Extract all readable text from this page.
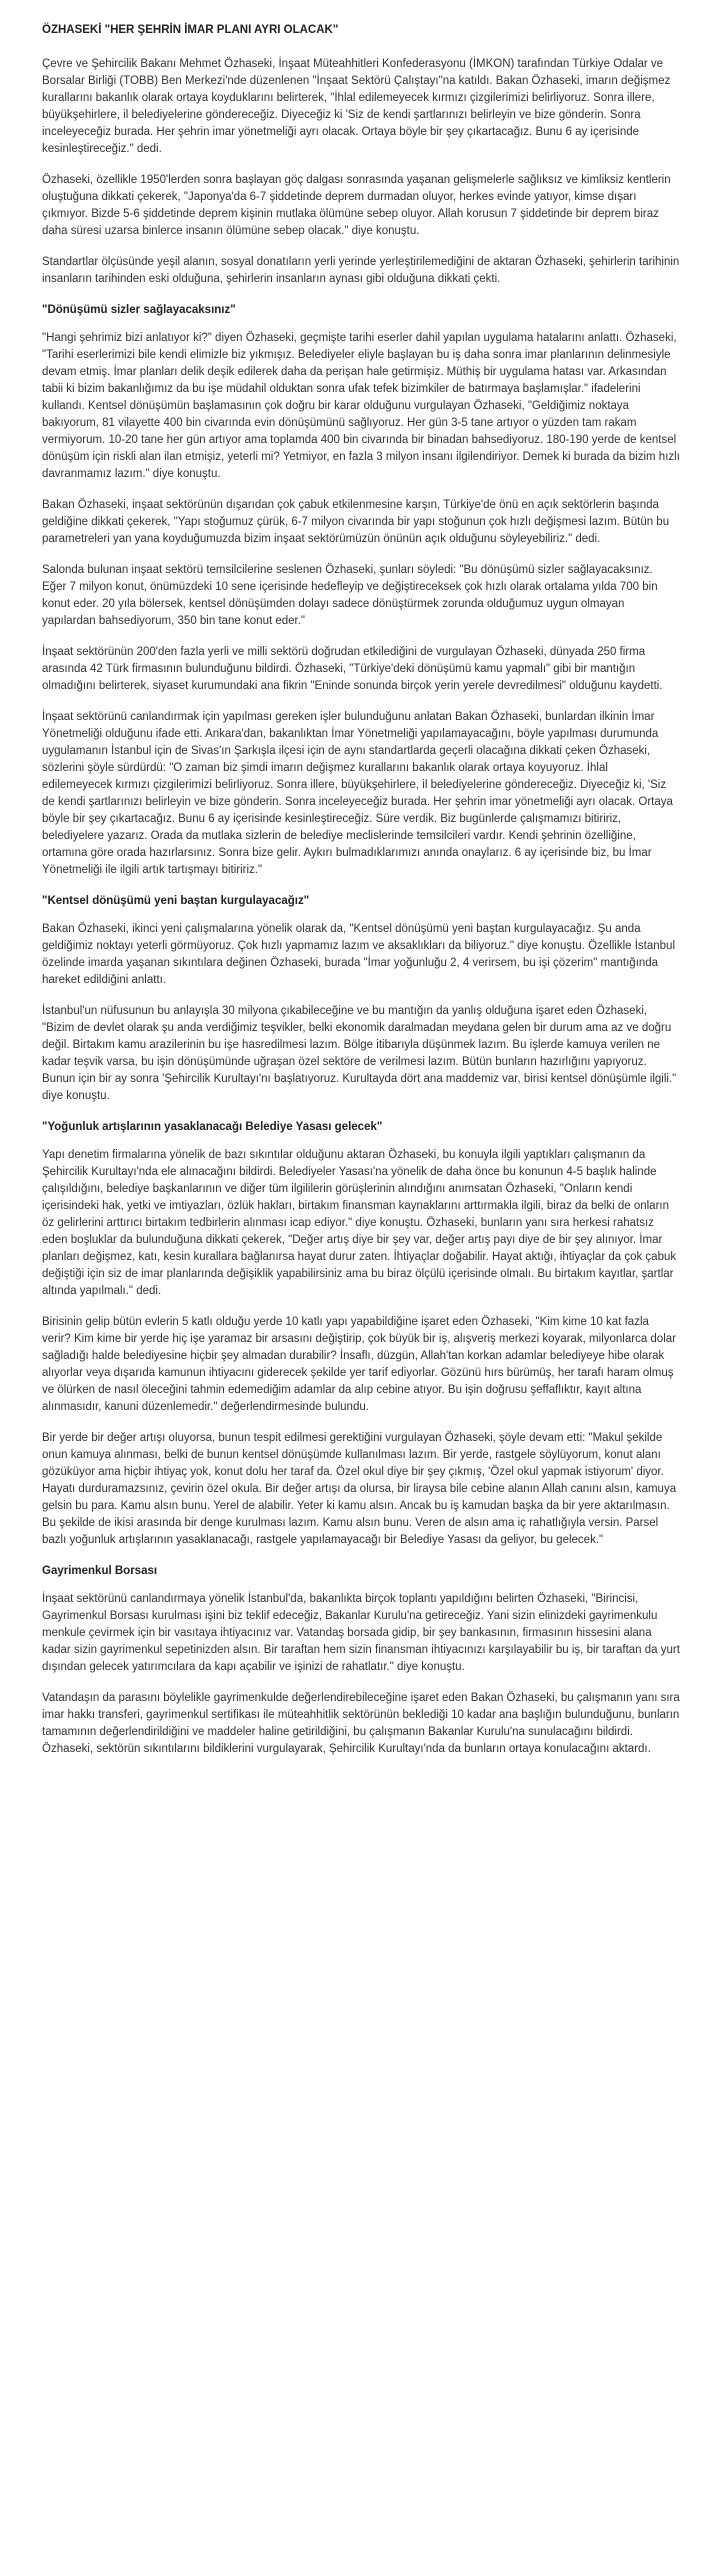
ÖZHASEKİ "HER ŞEHRİN İMAR PLANI AYRI OLACAK"
Çevre ve Şehircilik Bakanı Mehmet Özhaseki, İnşaat Müteahhitleri Konfederasyonu (İMKON) tarafından Türkiye Odalar ve Borsalar Birliği (TOBB) Ben Merkezi'nde düzenlenen "İnşaat Sektörü Çalıştayı"na katıldı. Bakan Özhaseki, imarın değişmez kurallarını bakanlık olarak ortaya koyduklarını belirterek, "İhlal edilemeyecek kırmızı çizgilerimizi belirliyoruz. Sonra illere, büyükşehirlere, il belediyelerine göndereceğiz. Diyeceğiz ki 'Siz de kendi şartlarınızı belirleyin ve bize gönderin. Sonra inceleyeceğiz burada. Her şehrin imar yönetmeliği ayrı olacak. Ortaya böyle bir şey çıkartacağız. Bunu 6 ay içerisinde kesinleştireceğiz." dedi.
Özhaseki, özellikle 1950'lerden sonra başlayan göç dalgası sonrasında yaşanan gelişmelerle sağlıksız ve kimliksiz kentlerin oluştuğuna dikkati çekerek, "Japonya'da 6-7 şiddetinde deprem durmadan oluyor, herkes evinde yatıyor, kimse dışarı çıkmıyor. Bizde 5-6 şiddetinde deprem kişinin mutlaka ölümüne sebep oluyor. Allah korusun 7 şiddetinde bir deprem biraz daha süresi uzarsa binlerce insanın ölümüne sebep olacak." diye konuştu.
Standartlar ölçüsünde yeşil alanın, sosyal donatıların yerli yerinde yerleştirilemediğini de aktaran Özhaseki, şehirlerin tarihinin insanların tarihinden eski olduğuna, şehirlerin insanların aynası gibi olduğuna dikkati çekti.
"Dönüşümü sizler sağlayacaksınız"
"Hangi şehrimiz bizi anlatıyor ki?" diyen Özhaseki, geçmişte tarihi eserler dahil yapılan uygulama hatalarını anlattı. Özhaseki, "Tarihi eserlerimizi bile kendi elimizle biz yıkmışız. Belediyeler eliyle başlayan bu iş daha sonra imar planlarının delinmesiyle devam etmiş. İmar planları delik deşik edilerek daha da perişan hale getirmişiz. Müthiş bir uygulama hatası var. Arkasından tabii ki bizim bakanlığımız da bu işe müdahil olduktan sonra ufak tefek bizimkiler de batırmaya başlamışlar." ifadelerini kullandı. Kentsel dönüşümün başlamasının çok doğru bir karar olduğunu vurgulayan Özhaseki, "Geldiğimiz noktaya bakıyorum, 81 vilayette 400 bin civarında evin dönüşümünü sağlıyoruz. Her gün 3-5 tane artıyor o yüzden tam rakam vermiyorum. 10-20 tane her gün artıyor ama toplamda 400 bin civarında bir binadan bahsediyoruz. 180-190 yerde de kentsel dönüşüm için riskli alan ilan etmişiz, yeterli mi? Yetmiyor, en fazla 3 milyon insanı ilgilendiriyor. Demek ki burada da bizim hızlı davranmamız lazım." diye konuştu.
Bakan Özhaseki, inşaat sektörünün dışarıdan çok çabuk etkilenmesine karşın, Türkiye'de önü en açık sektörlerin başında geldiğine dikkati çekerek, "Yapı stoğumuz çürük, 6-7 milyon civarında bir yapı stoğunun çok hızlı değişmesi lazım. Bütün bu parametreleri yan yana koyduğumuzda bizim inşaat sektörümüzün önünün açık olduğunu söyleyebiliriz." dedi.
Salonda bulunan inşaat sektörü temsilcilerine seslenen Özhaseki, şunları söyledi: "Bu dönüşümü sizler sağlayacaksınız. Eğer 7 milyon konut, önümüzdeki 10 sene içerisinde hedefleyip ve değiştireceksek çok hızlı olarak ortalama yılda 700 bin konut eder. 20 yıla bölersek, kentsel dönüşümden dolayı sadece dönüştürmek zorunda olduğumuz uygun olmayan yapılardan bahsediyorum, 350 bin tane konut eder."
İnşaat sektörünün 200'den fazla yerli ve milli sektörü doğrudan etkilediğini de vurgulayan Özhaseki, dünyada 250 firma arasında 42 Türk firmasının bulunduğunu bildirdi. Özhaseki, "Türkiye'deki dönüşümü kamu yapmalı" gibi bir mantığın olmadığını belirterek, siyaset kurumundaki ana fikrin "Eninde sonunda birçok yerin yerele devredilmesi" olduğunu kaydetti.
İnşaat sektörünü canlandırmak için yapılması gereken işler bulunduğunu anlatan Bakan Özhaseki, bunlardan ilkinin İmar Yönetmeliği olduğunu ifade etti. Ankara'dan, bakanlıktan İmar Yönetmeliği yapılamayacağını, böyle yapılması durumunda uygulamanın İstanbul için de Sivas'ın Şarkışla ilçesi için de aynı standartlarda geçerli olacağına dikkati çeken Özhaseki, sözlerini şöyle sürdürdü: "O zaman biz şimdi imarın değişmez kurallarını bakanlık olarak ortaya koyuyoruz. İhlal edilemeyecek kırmızı çizgilerimizi belirliyoruz. Sonra illere, büyükşehirlere, il belediyelerine göndereceğiz. Diyeceğiz ki, 'Siz de kendi şartlarınızı belirleyin ve bize gönderin. Sonra inceleyeceğiz burada. Her şehrin imar yönetmeliği ayrı olacak. Ortaya böyle bir şey çıkartacağız. Bunu 6 ay içerisinde kesinleştireceğiz. Süre verdik. Biz bugünlerde çalışmamızı bitiririz, belediyelere yazarız. Orada da mutlaka sizlerin de belediye meclislerinde temsilcileri vardır. Kendi şehrinin özelliğine, ortamına göre orada hazırlarsınız. Sonra bize gelir. Aykırı bulmadıklarımızı anında onaylarız. 6 ay içerisinde biz, bu İmar Yönetmeliği ile ilgili artık tartışmayı bitiririz."
"Kentsel dönüşümü yeni baştan kurgulayacağız"
Bakan Özhaseki, ikinci yeni çalışmalarına yönelik olarak da, "Kentsel dönüşümü yeni baştan kurgulayacağız. Şu anda geldiğimiz noktayı yeterli görmüyoruz. Çok hızlı yapmamız lazım ve aksaklıkları da biliyoruz." diye konuştu. Özellikle İstanbul özelinde imarda yaşanan sıkıntılara değinen Özhaseki, burada "İmar yoğunluğu 2, 4 verirsem, bu işi çözerim" mantığında hareket edildiğini anlattı.
İstanbul'un nüfusunun bu anlayışla 30 milyona çıkabileceğine ve bu mantığın da yanlış olduğuna işaret eden Özhaseki, "Bizim de devlet olarak şu anda verdiğimiz teşvikler, belki ekonomik daralmadan meydana gelen bir durum ama az ve doğru değil. Birtakım kamu arazilerinin bu işe hasredilmesi lazım. Bölge itibarıyla düşünmek lazım. Bu işlerde kamuya verilen ne kadar teşvik varsa, bu işin dönüşümünde uğraşan özel sektöre de verilmesi lazım. Bütün bunların hazırlığını yapıyoruz. Bunun için bir ay sonra 'Şehircilik Kurultayı'nı başlatıyoruz. Kurultayda dört ana maddemiz var, birisi kentsel dönüşümle ilgili." diye konuştu.
"Yoğunluk artışlarının yasaklanacağı Belediye Yasası gelecek"
Yapı denetim firmalarına yönelik de bazı sıkıntılar olduğunu aktaran Özhaseki, bu konuyla ilgili yaptıkları çalışmanın da Şehircilik Kurultayı'nda ele alınacağını bildirdi. Belediyeler Yasası'na yönelik de daha önce bu konunun 4-5 başlık halinde çalışıldığını, belediye başkanlarının ve diğer tüm ilgililerin görüşlerinin alındığını anımsatan Özhaseki, "Onların kendi içerisindeki hak, yetki ve imtiyazları, özlük hakları, birtakım finansman kaynaklarını arttırmakla ilgili, biraz da belki de onların öz gelirlerini arttırıcı birtakım tedbirlerin alınması icap ediyor." diye konuştu. Özhaseki, bunların yanı sıra herkesi rahatsız eden boşluklar da bulunduğuna dikkati çekerek, "Değer artış diye bir şey var, değer artış payı diye de bir şey alınıyor. İmar planları değişmez, katı, kesin kurallara bağlanırsa hayat durur zaten. İhtiyaçlar doğabilir. Hayat aktığı, ihtiyaçlar da çok çabuk değiştiği için siz de imar planlarında değişiklik yapabilirsiniz ama bu biraz ölçülü içerisinde olmalı. Bu birtakım kayıtlar, şartlar altında yapılmalı." dedi.
Birisinin gelip bütün evlerin 5 katlı olduğu yerde 10 katlı yapı yapabildiğine işaret eden Özhaseki, "Kim kime 10 kat fazla verir? Kim kime bir yerde hiç işe yaramaz bir arsasını değiştirip, çok büyük bir iş, alışveriş merkezi koyarak, milyonlarca dolar sağladığı halde belediyesine hiçbir şey almadan durabilir? İnsaflı, düzgün, Allah'tan korkan adamlar belediyeye hibe olarak alıyorlar veya dışarıda kamunun ihtiyacını giderecek şekilde yer tarif ediyorlar. Gözünü hırs bürümüş, her tarafı haram olmuş ve ölürken de nasıl öleceğini tahmin edemediğim adamlar da alıp cebine atıyor. Bu işin doğrusu şeffaflıktır, kayıt altına alınmasıdır, kanuni düzenlemedir." değerlendirmesinde bulundu.
Bir yerde bir değer artışı oluyorsa, bunun tespit edilmesi gerektiğini vurgulayan Özhaseki, şöyle devam etti: "Makul şekilde onun kamuya alınması, belki de bunun kentsel dönüşümde kullanılması lazım. Bir yerde, rastgele söylüyorum, konut alanı gözüküyor ama hiçbir ihtiyaç yok, konut dolu her taraf da. Özel okul diye bir şey çıkmış, 'Özel okul yapmak istiyorum' diyor. Hayatı durduramazsınız, çevirin özel okula. Bir değer artışı da olursa, bir liraysa bile cebine alanın Allah canını alsın, kamuya gelsin bu para. Kamu alsın bunu. Yerel de alabilir. Yeter ki kamu alsın. Ancak bu iş kamudan başka da bir yere aktarılmasın. Bu şekilde de ikisi arasında bir denge kurulması lazım. Kamu alsın bunu. Veren de alsın ama iç rahatlığıyla versin. Parsel bazlı yoğunluk artışlarının yasaklanacağı, rastgele yapılamayacağı bir Belediye Yasası da geliyor, bu gelecek."
Gayrimenkul Borsası
İnşaat sektörünü canlandırmaya yönelik İstanbul'da, bakanlıkta birçok toplantı yapıldığını belirten Özhaseki, "Birincisi, Gayrimenkul Borsası kurulması işini biz teklif edeceğiz, Bakanlar Kurulu'na getireceğiz. Yani sizin elinizdeki gayrimenkulu menkule çevirmek için bir vasıtaya ihtiyacınız var. Vatandaş borsada gidip, bir şey bankasının, firmasının hissesini alana kadar sizin gayrimenkul sepetinizden alsın. Bir taraftan hem sizin finansman ihtiyacınızı karşılayabilir bu iş, bir taraftan da yurt dışından gelecek yatırımcılara da kapı açabilir ve işinizi de rahatlatır." diye konuştu.
Vatandaşın da parasını böylelikle gayrimenkulde değerlendirebileceğine işaret eden Bakan Özhaseki, bu çalışmanın yanı sıra imar hakkı transferi, gayrimenkul sertifikası ile müteahhitlik sektörünün beklediği 10 kadar ana başlığın bulunduğunu, bunların tamamının değerlendirildiğini ve maddeler haline getirildiğini, bu çalışmanın Bakanlar Kurulu'na sunulacağını bildirdi. Özhaseki, sektörün sıkıntılarını bildiklerini vurgulayarak, Şehircilik Kurultayı'nda da bunların ortaya konulacağını aktardı.
